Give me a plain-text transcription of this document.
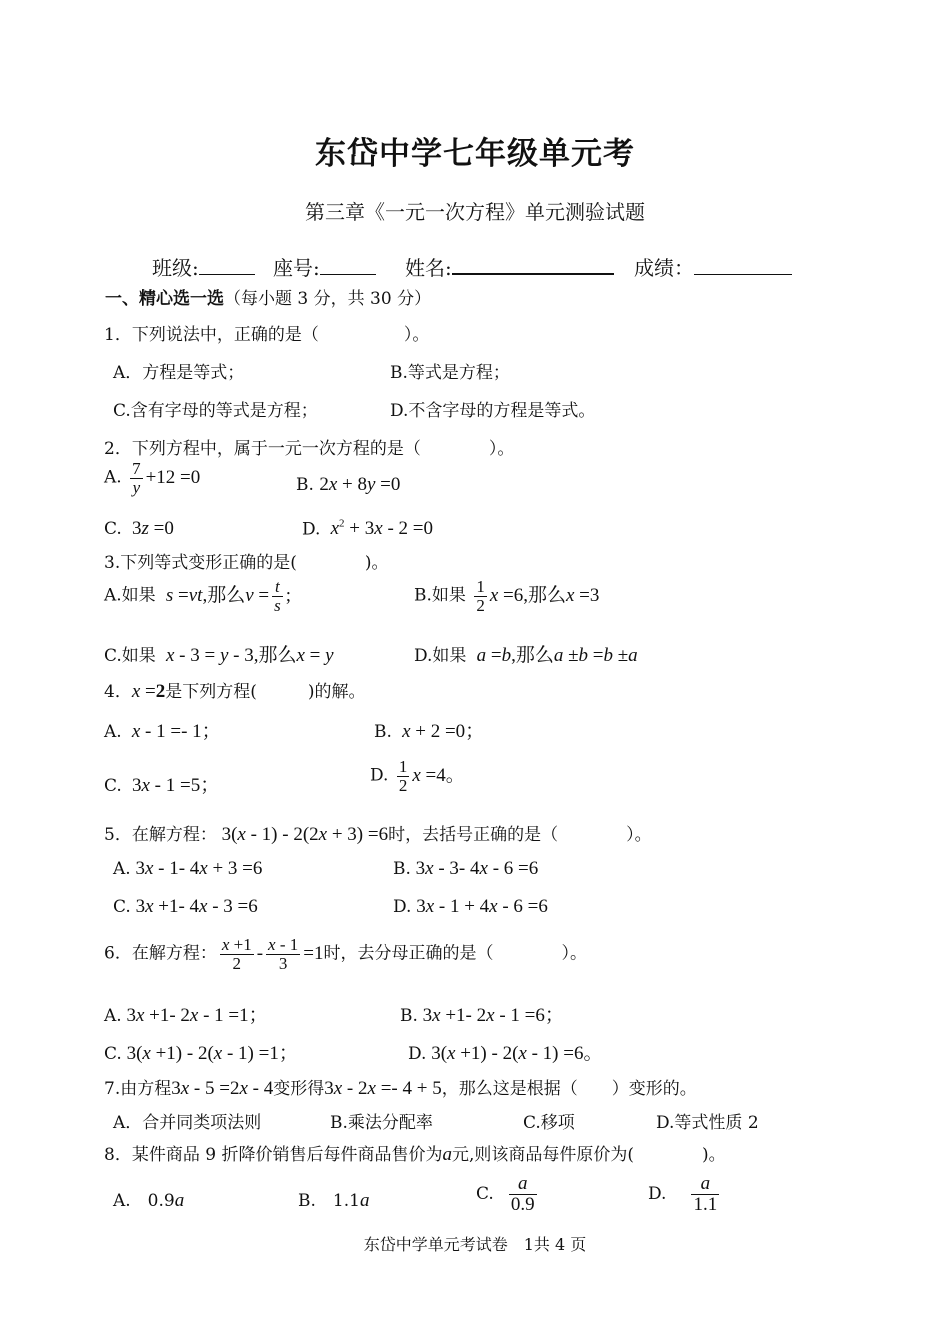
东岱中学七年级单元考
第三章《一元一次方程》单元测验试题
班级:	座号:	姓名:	成绩：
一、精心选一选（每小题 3 分，共 30 分）
1．下列说法中，正确的是（　　　　　）。
A．方程是等式；	B.等式是方程；
C.含有字母的等式是方程；	D.不含字母的方程是等式。
2．下列方程中，属于一元一次方程的是（　　　　）。
A. $\frac{7}{y} +12 =0$	B. 2x + 8y =0
C.  3z =0	D. $x^2 + 3x - 2 =0$
3.下列等式变形正确的是(　　　　)。
A.如果 s =vt,那么$v = \frac{t}{s}$ ;	B.如果 $\frac{1}{2}$ x =6,那么x =3
C.如果 x - 3 = y - 3,那么x = y	D.如果 a =b,那么a ±b =b ±a
4．x =2是下列方程(　　　)的解。
A. x - 1 =- 1；	B. x + 2 =0；
C.  3x - 1 =5；	D. $\frac{1}{2}$ x =4。
5．在解方程： 3(x - 1) - 2(2x + 3) =6时，去括号正确的是（　　　　）。
A. 3x - 1- 4x + 3 =6	B. 3x - 3- 4x - 6 =6
C. 3x +1- 4x - 3 =6	D. 3x - 1 + 4x - 6 =6
6．在解方程： $\frac{x +1}{2} - \frac{x - 1}{3} =1$时，去分母正确的是（　　　　）。
A. 3x +1- 2x - 1 =1；	B. 3x +1- 2x - 1 =6；
C. 3(x +1) - 2(x - 1) =1；	D. 3(x +1) - 2(x - 1) =6。
7.由方程3x - 5 =2x - 4变形得3x - 2x =- 4 + 5，那么这是根据（　　）变形的。
A．合并同类项法则	B.乘法分配率	C.移项	D.等式性质 2
8．某件商品 9 折降价销售后每件商品售价为a元,则该商品每件原价为(　　　　)。
A.　0.9a	B.　1.1a	C. $\frac{a}{0.9}$	D. $\frac{a}{1.1}$
东岱中学单元考试卷　1共 4 页
